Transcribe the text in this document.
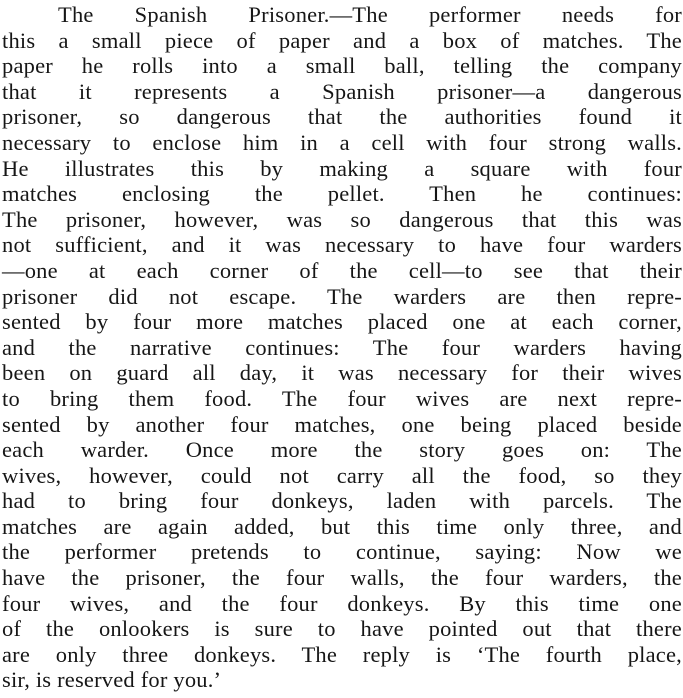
The Spanish Prisoner.—The performer needs for
this a small piece of paper and a box of matches. The
paper he rolls into a small ball, telling the company
that it represents a Spanish prisoner—a dangerous
prisoner, so dangerous that the authorities found it
necessary to enclose him in a cell with four strong walls.
He illustrates this by making a square with four
matches enclosing the pellet. Then he continues:
The prisoner, however, was so dangerous that this was
not sufficient, and it was necessary to have four warders
—one at each corner of the cell—to see that their
prisoner did not escape. The warders are then repre-
sented by four more matches placed one at each corner,
and the narrative continues: The four warders having
been on guard all day, it was necessary for their wives
to bring them food. The four wives are next repre-
sented by another four matches, one being placed beside
each warder. Once more the story goes on: The
wives, however, could not carry all the food, so they
had to bring four donkeys, laden with parcels. The
matches are again added, but this time only three, and
the performer pretends to continue, saying: Now we
have the prisoner, the four walls, the four warders, the
four wives, and the four donkeys. By this time one
of the onlookers is sure to have pointed out that there
are only three donkeys. The reply is ‘The fourth place,
sir, is reserved for you.’
